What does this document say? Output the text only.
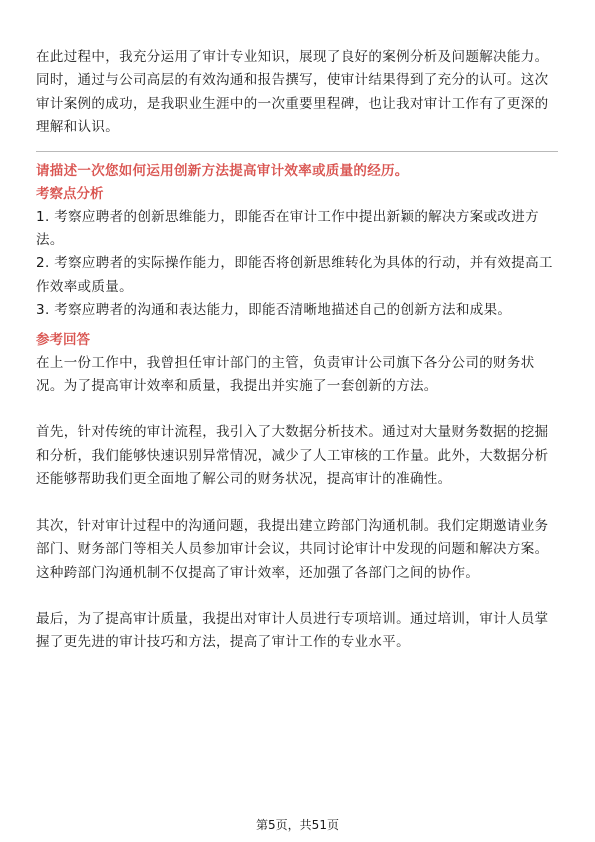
在此过程中，我充分运用了审计专业知识，展现了良好的案例分析及问题解决能力。同时，通过与公司高层的有效沟通和报告撰写，使审计结果得到了充分的认可。这次审计案例的成功，是我职业生涯中的一次重要里程碑，也让我对审计工作有了更深的理解和认识。

请描述一次您如何运用创新方法提高审计效率或质量的经历。

考察点分析

1. 考察应聘者的创新思维能力，即能否在审计工作中提出新颖的解决方案或改进方法。

2. 考察应聘者的实际操作能力，即能否将创新思维转化为具体的行动，并有效提高工作效率或质量。

3. 考察应聘者的沟通和表达能力，即能否清晰地描述自己的创新方法和成果。

参考回答

在上一份工作中，我曾担任审计部门的主管，负责审计公司旗下各分公司的财务状况。为了提高审计效率和质量，我提出并实施了一套创新的方法。

首先，针对传统的审计流程，我引入了大数据分析技术。通过对大量财务数据的挖掘和分析，我们能够快速识别异常情况，减少了人工审核的工作量。此外，大数据分析还能够帮助我们更全面地了解公司的财务状况，提高审计的准确性。

其次，针对审计过程中的沟通问题，我提出建立跨部门沟通机制。我们定期邀请业务部门、财务部门等相关人员参加审计会议，共同讨论审计中发现的问题和解决方案。这种跨部门沟通机制不仅提高了审计效率，还加强了各部门之间的协作。

最后，为了提高审计质量，我提出对审计人员进行专项培训。通过培训，审计人员掌握了更先进的审计技巧和方法，提高了审计工作的专业水平。

第5页，共51页
